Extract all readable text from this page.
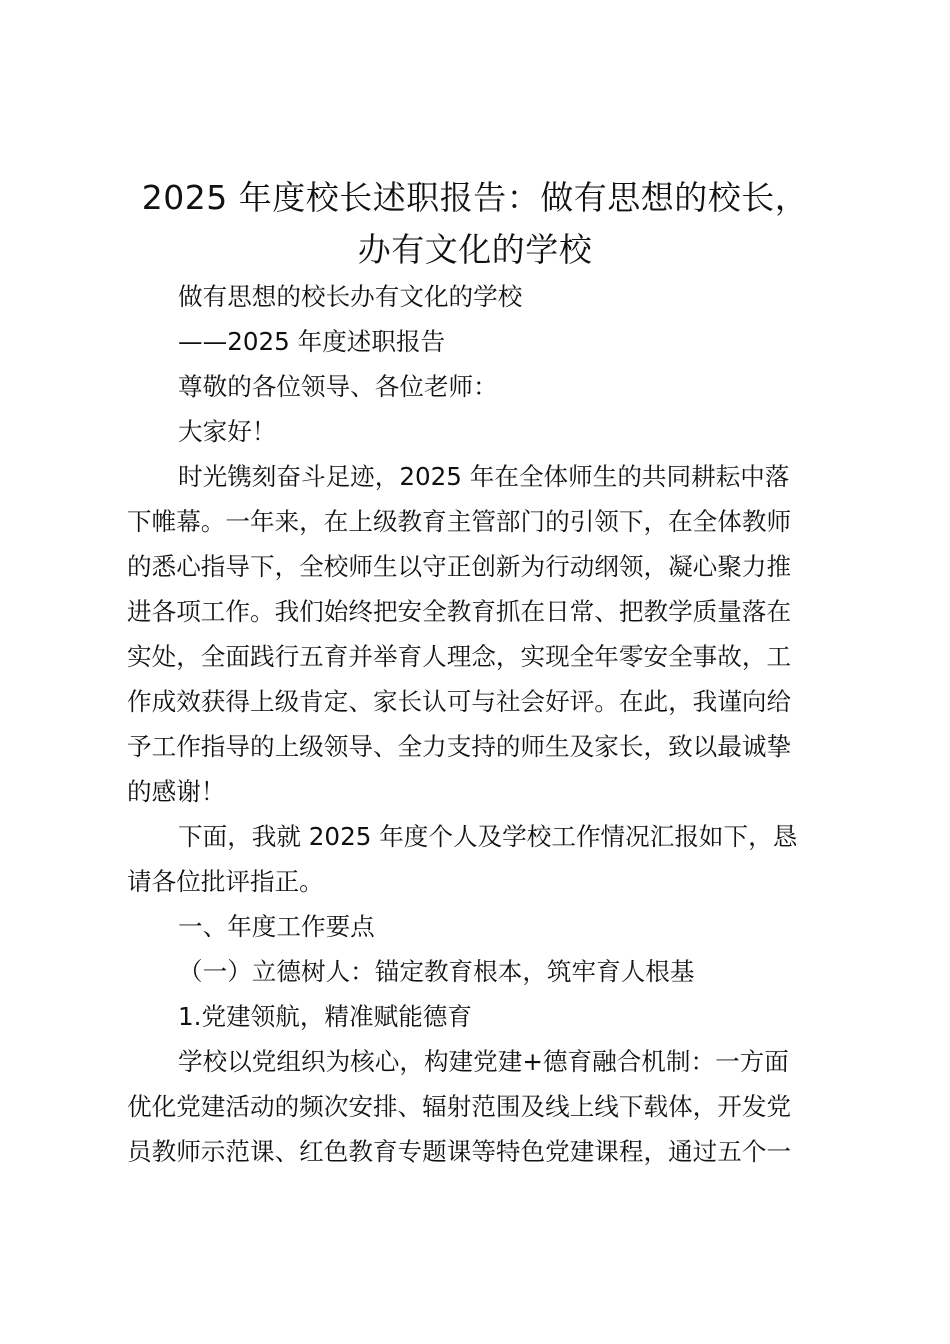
2025 年度校长述职报告：做有思想的校长，
办有文化的学校
做有思想的校长办有文化的学校
——2025 年度述职报告
尊敬的各位领导、各位老师：
大家好！
时光镌刻奋斗足迹，2025 年在全体师生的共同耕耘中落
下帷幕。一年来，在上级教育主管部门的引领下，在全体教师
的悉心指导下，全校师生以守正创新为行动纲领，凝心聚力推
进各项工作。我们始终把安全教育抓在日常、把教学质量落在
实处，全面践行五育并举育人理念，实现全年零安全事故，工
作成效获得上级肯定、家长认可与社会好评。在此，我谨向给
予工作指导的上级领导、全力支持的师生及家长，致以最诚挚
的感谢！
下面，我就 2025 年度个人及学校工作情况汇报如下，恳
请各位批评指正。
一、年度工作要点
（一）立德树人：锚定教育根本，筑牢育人根基
1.党建领航，精准赋能德育
学校以党组织为核心，构建党建+德育融合机制：一方面
优化党建活动的频次安排、辐射范围及线上线下载体，开发党
员教师示范课、红色教育专题课等特色党建课程，通过五个一
